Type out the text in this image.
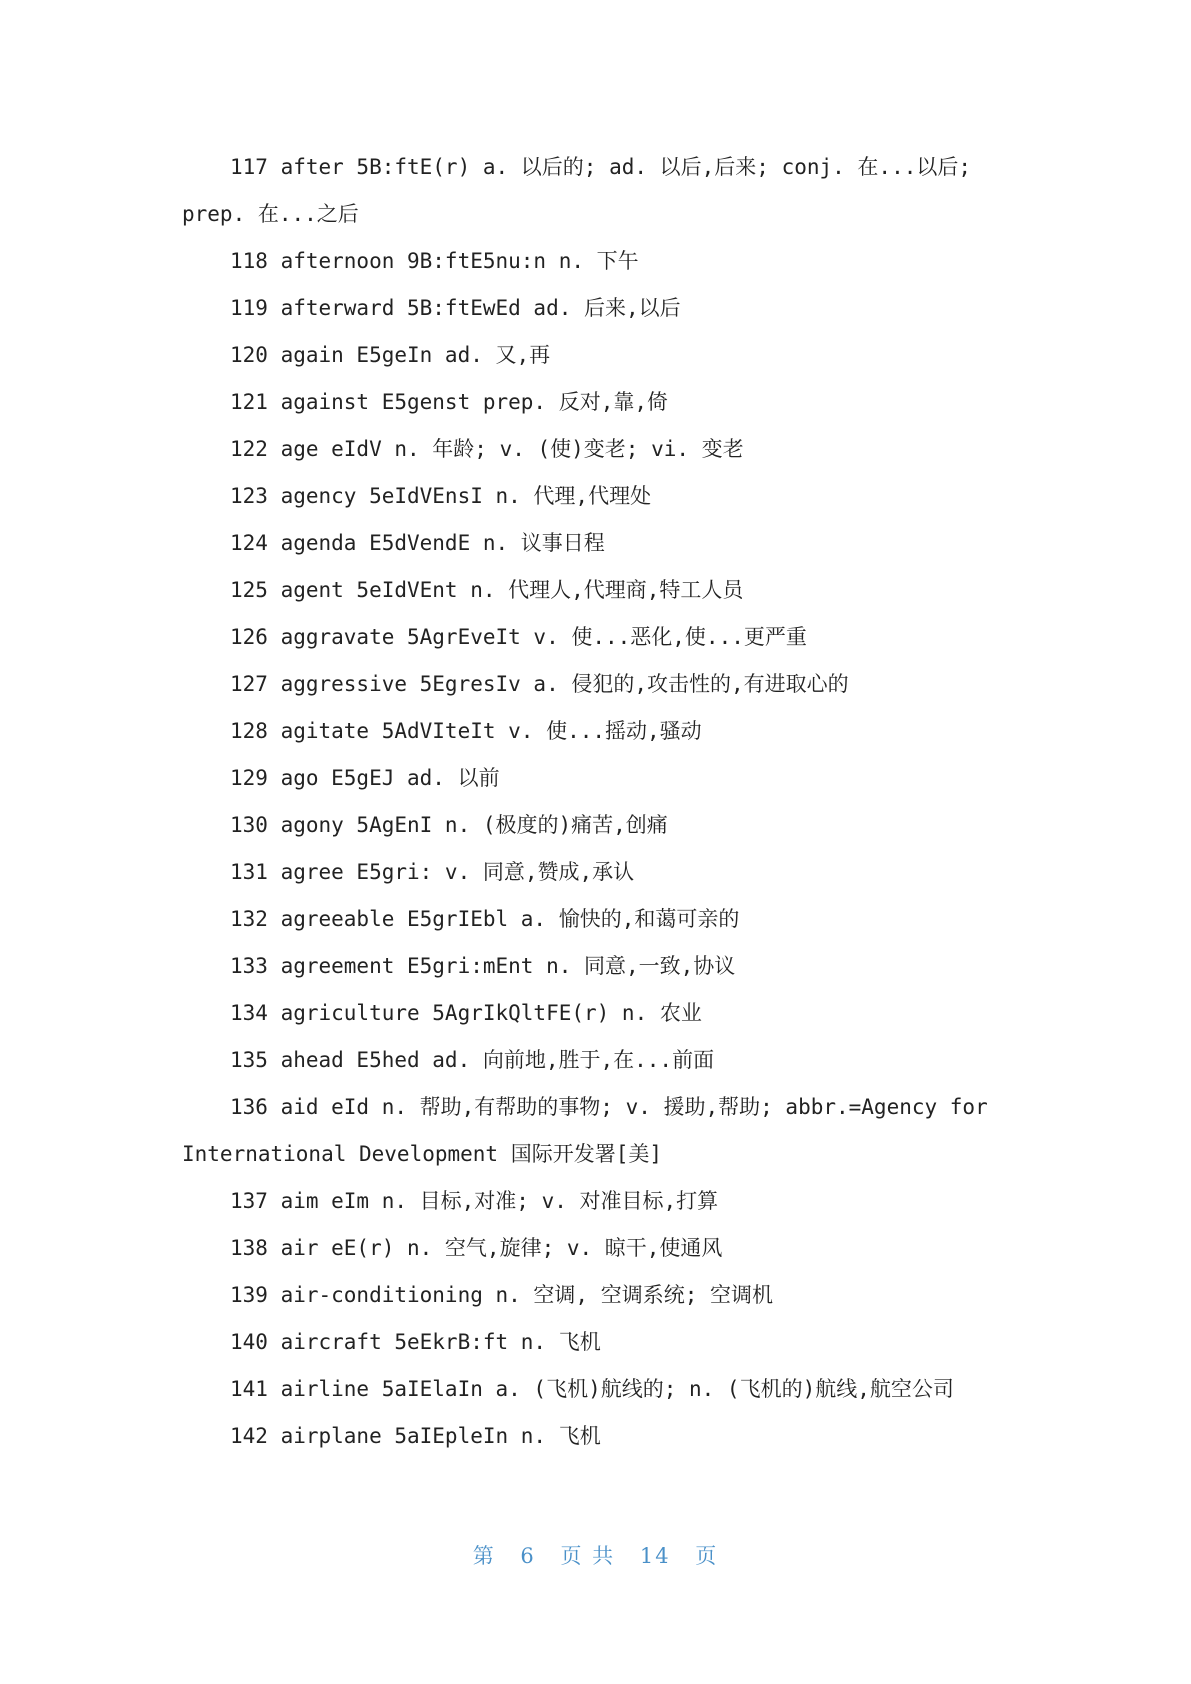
117 after 5B:ftE(r) a. 以后的; ad. 以后,后来; conj. 在...以后; prep. 在...之后

118 afternoon 9B:ftE5nu:n n. 下午

119 afterward 5B:ftEwEd ad. 后来,以后

120 again E5geIn ad. 又,再

121 against E5genst prep. 反对,靠,倚

122 age eIdV n. 年龄; v. (使)变老; vi. 变老

123 agency 5eIdVEnsI n. 代理,代理处

124 agenda E5dVendE n. 议事日程

125 agent 5eIdVEnt n. 代理人,代理商,特工人员

126 aggravate 5AgrEveIt v. 使...恶化,使...更严重

127 aggressive 5EgresIv a. 侵犯的,攻击性的,有进取心的

128 agitate 5AdVIteIt v. 使...摇动,骚动

129 ago E5gEJ ad. 以前

130 agony 5AgEnI n. (极度的)痛苦,创痛

131 agree E5gri: v. 同意,赞成,承认

132 agreeable E5grIEbl a. 愉快的,和蔼可亲的

133 agreement E5gri:mEnt n. 同意,一致,协议

134 agriculture 5AgrIkQltFE(r) n. 农业

135 ahead E5hed ad. 向前地,胜于,在...前面

136 aid eId n. 帮助,有帮助的事物; v. 援助,帮助; abbr.=Agency for International Development 国际开发署[美]

137 aim eIm n. 目标,对准; v. 对准目标,打算

138 air eE(r) n. 空气,旋律; v. 晾干,使通风

139 air-conditioning n. 空调, 空调系统; 空调机

140 aircraft 5eEkrB:ft n. 飞机

141 airline 5aIElaIn a. (飞机)航线的; n. (飞机的)航线,航空公司

142 airplane 5aIEpleIn n. 飞机

第 6 页 共 14 页
